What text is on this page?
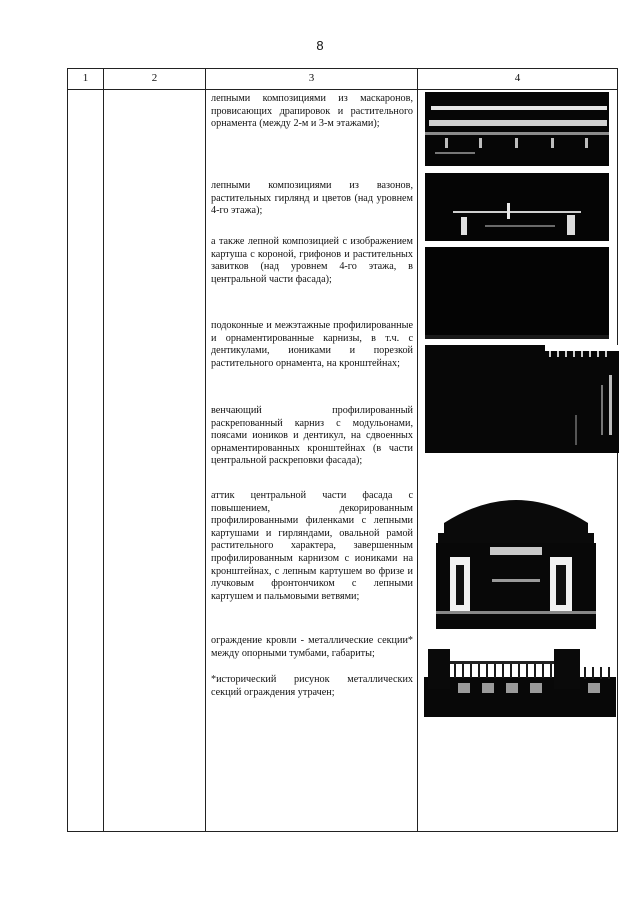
8
1	2	3	4
лепными композициями из маскаронов, провисающих драпировок и растительного орнамента (между 2-м и 3-м этажами);
лепными композициями из вазонов, растительных гирлянд и цветов (над уровнем 4-го этажа);
а также лепной композицией с изображением картуша с короной, грифонов и растительных завитков (над уровнем 4-го этажа, в центральной части фасада);
подоконные и межэтажные профилированные и орнаментированные карнизы, в т.ч. с дентикулами, иониками и порезкой растительного орнамента, на кронштейнах;
венчающий профилированный раскрепованный карниз с модульонами, поясами иоников и дентикул, на сдвоенных орнаментированных кронштейнах (в части центральной раскреповки фасада);
аттик центральной части фасада с повышением, декорированным профилированными филенками с лепными картушами и гирляндами, овальной рамой растительного характера, завершенным профилированным карнизом с иониками на кронштейнах, с лепным картушем во фризе и лучковым фронтончиком с лепными картушем и пальмовыми ветвями;
ограждение кровли - металлические секции* между опорными тумбами, габариты;
*исторический рисунок металлических секций ограждения утрачен;
